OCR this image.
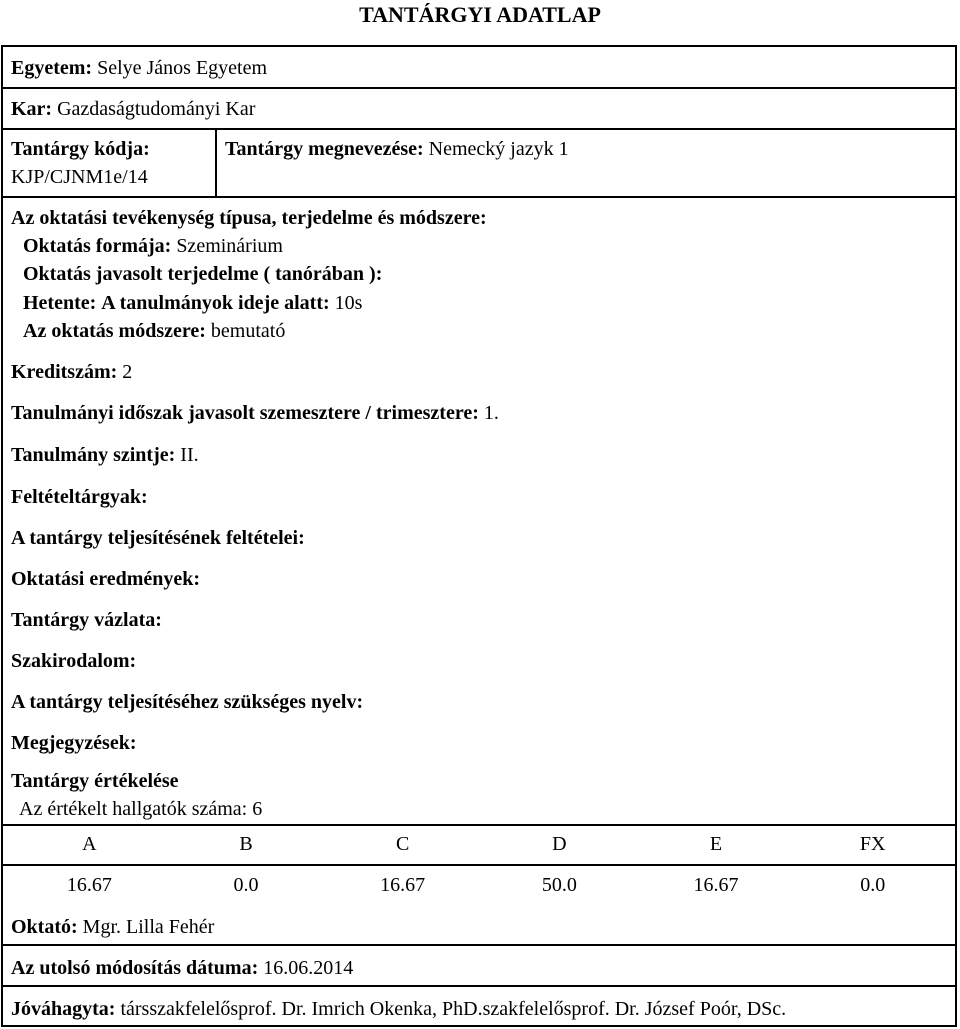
TANTÁRGYI ADATLAP
Egyetem: Selye János Egyetem
Kar: Gazdaságtudományi Kar
Tantárgy kódja:
KJP/CJNM1e/14
Tantárgy megnevezése: Nemecký jazyk 1
Az oktatási tevékenység típusa, terjedelme és módszere:
Oktatás formája: Szeminárium
Oktatás javasolt terjedelme ( tanórában ):
Hetente: A tanulmányok ideje alatt: 10s
Az oktatás módszere: bemutató
Kreditszám: 2
Tanulmányi időszak javasolt szemesztere / trimesztere: 1.
Tanulmány szintje: II.
Feltételtárgyak:
A tantárgy teljesítésének feltételei:
Oktatási eredmények:
Tantárgy vázlata:
Szakirodalom:
A tantárgy teljesítéséhez szükséges nyelv:
Megjegyzések:
Tantárgy értékelése
Az értékelt hallgatók száma: 6
A	B	C	D	E	FX
16.67	0.0	16.67	50.0	16.67	0.0
Oktató: Mgr. Lilla Fehér
Az utolsó módosítás dátuma: 16.06.2014
Jóváhagyta: társszakfelelősprof. Dr. Imrich Okenka, PhD.szakfelelősprof. Dr. József Poór, DSc.
